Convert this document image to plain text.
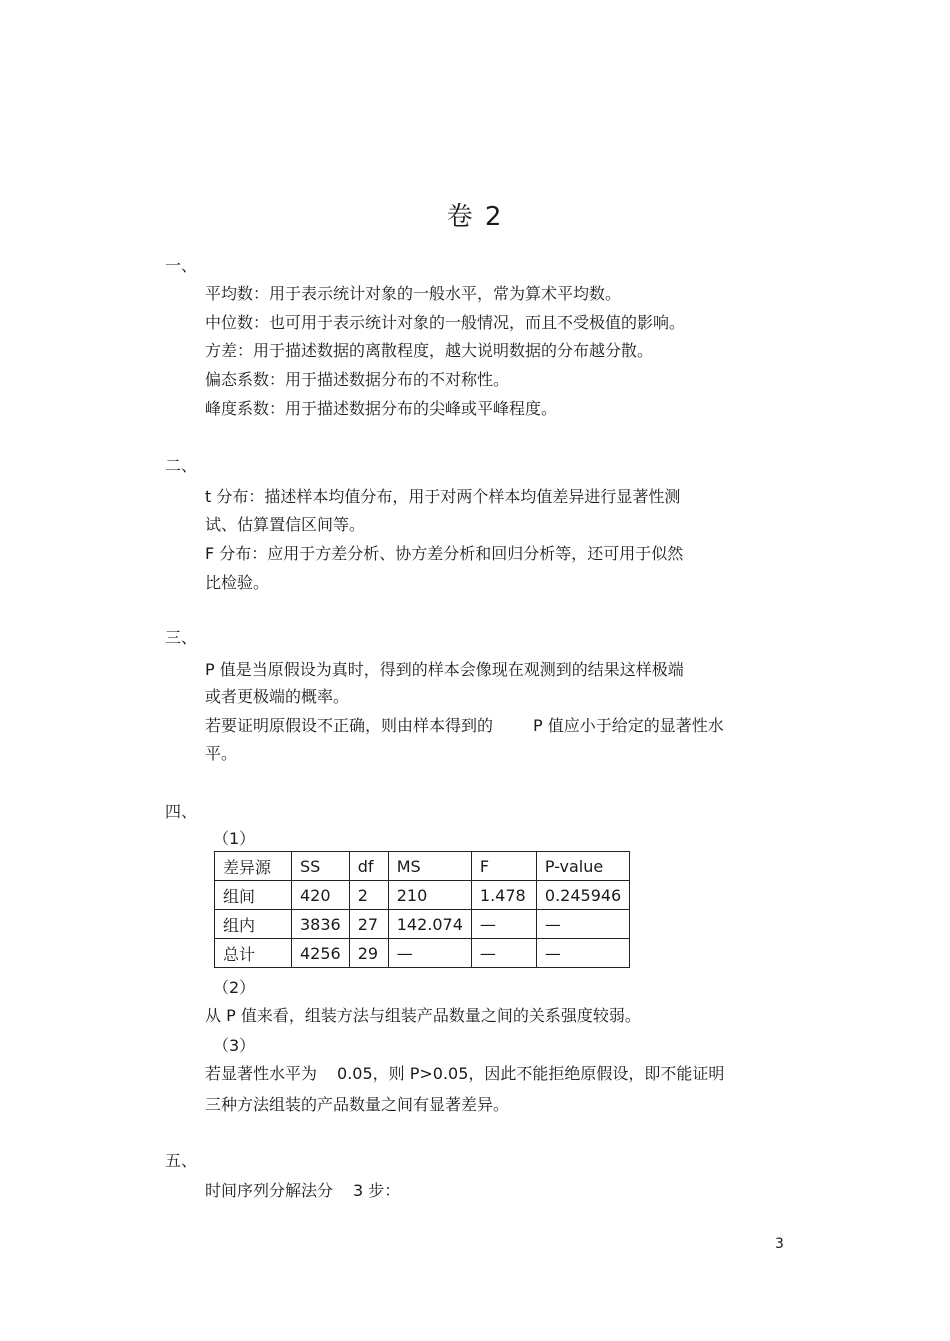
卷 2
一、
平均数：用于表示统计对象的一般水平，常为算术平均数。
中位数：也可用于表示统计对象的一般情况，而且不受极值的影响。
方差：用于描述数据的离散程度，越大说明数据的分布越分散。
偏态系数：用于描述数据分布的不对称性。
峰度系数：用于描述数据分布的尖峰或平峰程度。
二、
t 分布：描述样本均值分布，用于对两个样本均值差异进行显著性测
试、估算置信区间等。
F 分布：应用于方差分析、协方差分析和回归分析等，还可用于似然
比检验。
三、
P 值是当原假设为真时，得到的样本会像现在观测到的结果这样极端
或者更极端的概率。
若要证明原假设不正确，则由样本得到的	P 值应小于给定的显著性水
平。
四、
（1）
差异源	SS	df	MS	F	P-value
组间	420	2	210	1.478	0.245946
组内	3836	27	142.074	—	—
总计	4256	29	—	—	—
（2）
从 P 值来看，组装方法与组装产品数量之间的关系强度较弱。
（3）
若显著性水平为 0.05，则 P>0.05，因此不能拒绝原假设，即不能证明
三种方法组装的产品数量之间有显著差异。
五、
时间序列分解法分 3 步：
3
